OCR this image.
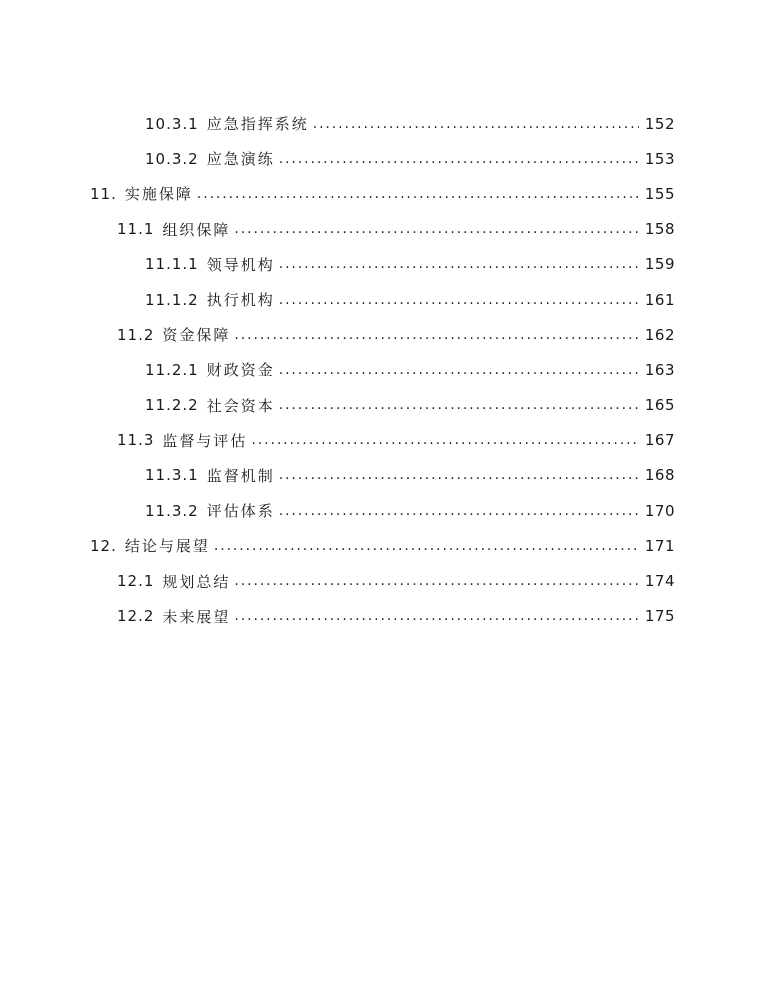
10.3.1 应急指挥系统 .....	152
10.3.2 应急演练 .....	153
11. 实施保障 .....	155
11.1 组织保障 .....	158
11.1.1 领导机构 .....	159
11.1.2 执行机构 .....	161
11.2 资金保障 .....	162
11.2.1 财政资金 .....	163
11.2.2 社会资本 .....	165
11.3 监督与评估 .....	167
11.3.1 监督机制 .....	168
11.3.2 评估体系 .....	170
12. 结论与展望 .....	171
12.1 规划总结 .....	174
12.2 未来展望 .....	175
